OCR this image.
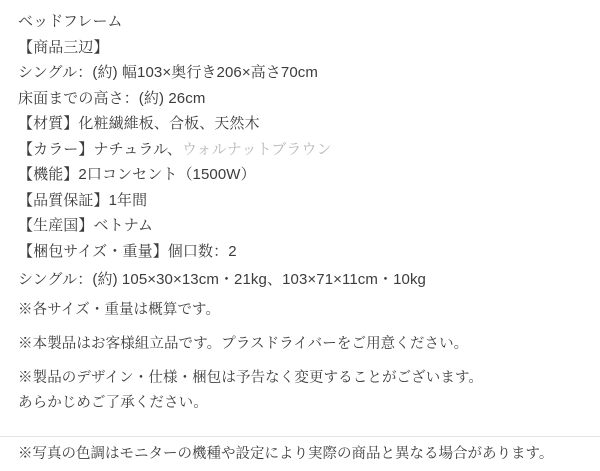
ベッドフレーム
【商品三辺】
シングル：(約) 幅103×奥行き206×高さ70cm
床面までの高さ：(約) 26cm
【材質】化粧繊維板、合板、天然木
【カラー】ナチュラル、ウォルナットブラウン
【機能】2口コンセント（1500W）
【品質保証】1年間
【生産国】ベトナム
【梱包サイズ・重量】個口数：2
シングル：(約) 105×30×13cm・21kg、103×71×11cm・10kg
※各サイズ・重量は概算です。
※本製品はお客様組立品です。プラスドライバーをご用意ください。
※製品のデザイン・仕様・梱包は予告なく変更することがございます。
あらかじめご了承ください。
※写真の色調はモニターの機種や設定により実際の商品と異なる場合があります。
